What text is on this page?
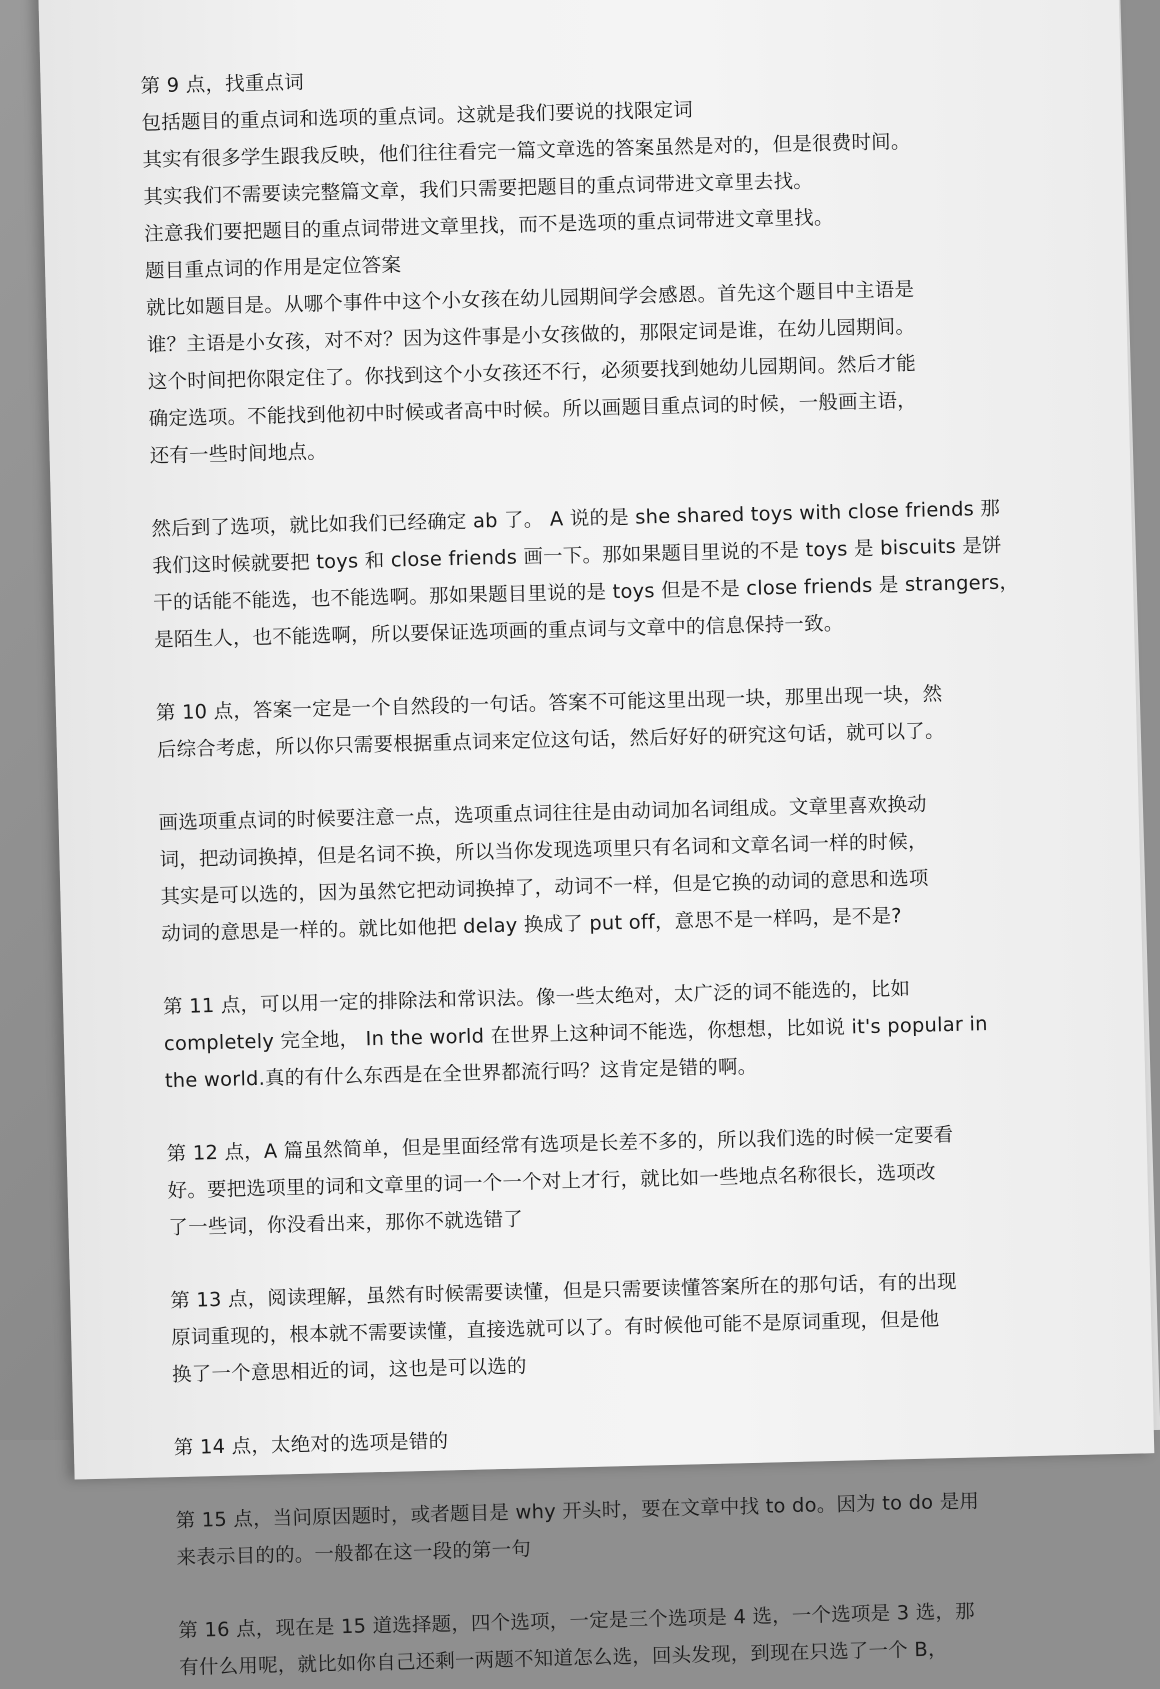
第 9 点，找重点词
包括题目的重点词和选项的重点词。这就是我们要说的找限定词
其实有很多学生跟我反映，他们往往看完一篇文章选的答案虽然是对的，但是很费时间。
其实我们不需要读完整篇文章，我们只需要把题目的重点词带进文章里去找。
注意我们要把题目的重点词带进文章里找，而不是选项的重点词带进文章里找。
题目重点词的作用是定位答案
就比如题目是。从哪个事件中这个小女孩在幼儿园期间学会感恩。首先这个题目中主语是
谁？主语是小女孩，对不对？因为这件事是小女孩做的，那限定词是谁，在幼儿园期间。
这个时间把你限定住了。你找到这个小女孩还不行，必须要找到她幼儿园期间。然后才能
确定选项。不能找到他初中时候或者高中时候。所以画题目重点词的时候，一般画主语，
还有一些时间地点。
然后到了选项，就比如我们已经确定 ab 了。 A 说的是 she shared toys with close friends 那
我们这时候就要把 toys 和 close friends 画一下。那如果题目里说的不是 toys 是 biscuits 是饼
干的话能不能选，也不能选啊。那如果题目里说的是 toys 但是不是 close friends 是 strangers，
是陌生人，也不能选啊，所以要保证选项画的重点词与文章中的信息保持一致。
第 10 点，答案一定是一个自然段的一句话。答案不可能这里出现一块，那里出现一块，然
后综合考虑，所以你只需要根据重点词来定位这句话，然后好好的研究这句话，就可以了。
画选项重点词的时候要注意一点，选项重点词往往是由动词加名词组成。文章里喜欢换动
词，把动词换掉，但是名词不换，所以当你发现选项里只有名词和文章名词一样的时候，
其实是可以选的，因为虽然它把动词换掉了，动词不一样，但是它换的动词的意思和选项
动词的意思是一样的。就比如他把 delay 换成了 put off，意思不是一样吗，是不是?
第 11 点，可以用一定的排除法和常识法。像一些太绝对，太广泛的词不能选的，比如
completely 完全地， In the world 在世界上这种词不能选，你想想，比如说 it's popular in
the world.真的有什么东西是在全世界都流行吗？这肯定是错的啊。
第 12 点，A 篇虽然简单，但是里面经常有选项是长差不多的，所以我们选的时候一定要看
好。要把选项里的词和文章里的词一个一个对上才行，就比如一些地点名称很长，选项改
了一些词，你没看出来，那你不就选错了
第 13 点，阅读理解，虽然有时候需要读懂，但是只需要读懂答案所在的那句话，有的出现
原词重现的，根本就不需要读懂，直接选就可以了。有时候他可能不是原词重现，但是他
换了一个意思相近的词，这也是可以选的
第 14 点，太绝对的选项是错的
第 15 点，当问原因题时，或者题目是 why 开头时，要在文章中找 to do。因为 to do 是用
来表示目的的。一般都在这一段的第一句
第 16 点，现在是 15 道选择题，四个选项，一定是三个选项是 4 选，一个选项是 3 选，那
有什么用呢，就比如你自己还剩一两题不知道怎么选，回头发现，到现在只选了一个 B，
